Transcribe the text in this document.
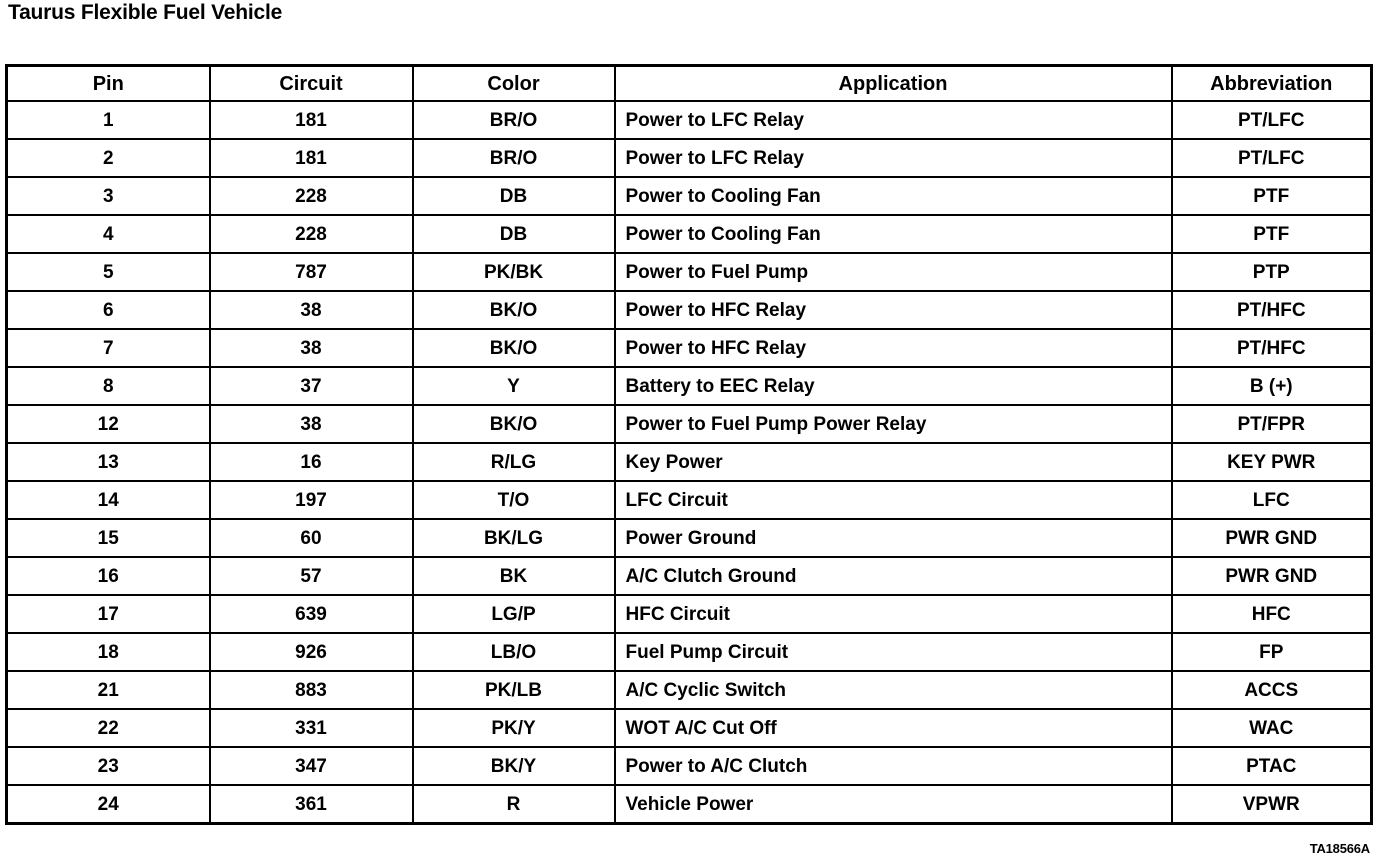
Taurus Flexible Fuel Vehicle
Pin	Circuit	Color	Application	Abbreviation
1	181	BR/O	Power to LFC Relay	PT/LFC
2	181	BR/O	Power to LFC Relay	PT/LFC
3	228	DB	Power to Cooling Fan	PTF
4	228	DB	Power to Cooling Fan	PTF
5	787	PK/BK	Power to Fuel Pump	PTP
6	38	BK/O	Power to HFC Relay	PT/HFC
7	38	BK/O	Power to HFC Relay	PT/HFC
8	37	Y	Battery to EEC Relay	B (+)
12	38	BK/O	Power to Fuel Pump Power Relay	PT/FPR
13	16	R/LG	Key Power	KEY PWR
14	197	T/O	LFC Circuit	LFC
15	60	BK/LG	Power Ground	PWR GND
16	57	BK	A/C Clutch Ground	PWR GND
17	639	LG/P	HFC Circuit	HFC
18	926	LB/O	Fuel Pump Circuit	FP
21	883	PK/LB	A/C Cyclic Switch	ACCS
22	331	PK/Y	WOT A/C Cut Off	WAC
23	347	BK/Y	Power to A/C Clutch	PTAC
24	361	R	Vehicle Power	VPWR
TA18566A
